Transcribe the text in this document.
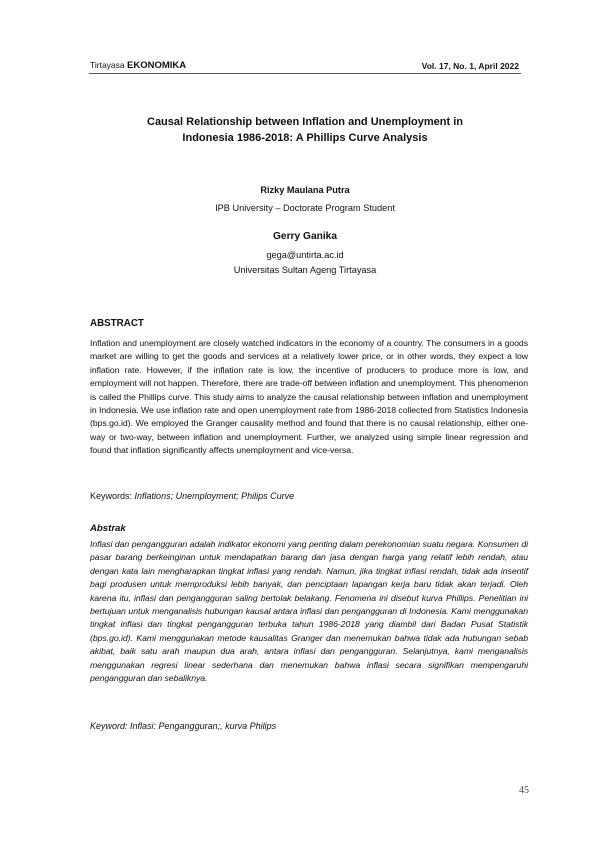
Tirtayasa EKONOMIKA	Vol. 17, No. 1, April 2022
Causal Relationship between Inflation and Unemployment in
Indonesia 1986-2018: A Phillips Curve Analysis
Rizky Maulana Putra
IPB University – Doctorate Program Student
Gerry Ganika
gega@untirta.ac.id
Universitas Sultan Ageng Tirtayasa
ABSTRACT
Inflation and unemployment are closely watched indicators in the economy of a country. The consumers in a goods market are willing to get the goods and services at a relatively lower price, or in other words, they expect a low inflation rate. However, if the inflation rate is low, the incentive of producers to produce more is low, and employment will not happen. Therefore, there are trade-off between inflation and unemployment. This phenomenon is called the Phillips curve. This study aims to analyze the causal relationship between inflation and unemployment in Indonesia. We use inflation rate and open unemployment rate from 1986-2018 collected from Statistics Indonesia (bps.go.id). We employed the Granger causality method and found that there is no causal relationship, either one-way or two-way, between inflation and unemployment. Further, we analyzed using simple linear regression and found that inflation significantly affects unemployment and vice-versa.
Keywords: Inflations; Unemployment; Philips Curve
Abstrak
Inflasi dan pengangguran adalah indikator ekonomi yang penting dalam perekonomian suatu negara. Konsumen di pasar barang berkeinginan untuk mendapatkan barang dan jasa dengan harga yang relatif lebih rendah, atau dengan kata lain mengharapkan tingkat inflasi yang rendah. Namun, jika tingkat inflasi rendah, tidak ada insentif bagi produsen untuk memproduksi lebih banyak, dan penciptaan lapangan kerja baru tidak akan terjadi. Oleh karena itu, inflasi dan pengangguran saling bertolak belakang. Fenomena ini disebut kurva Phillips. Penelitian ini bertujuan untuk menganalisis hubungan kausal antara inflasi dan pengangguran di Indonesia. Kami menggunakan tingkat inflasi dan tingkat pengangguran terbuka tahun 1986-2018 yang diambil dari Badan Pusat Statistik (bps.go.id). Kami menggunakan metode kausalitas Granger dan menemukan bahwa tidak ada hubungan sebab akibat, baik satu arah maupun dua arah, antara inflasi dan pengangguran. Selanjutnya, kami menganalisis menggunakan regresi linear sederhana dan menemukan bahwa inflasi secara signifikan mempengaruhi pengangguran dan sebaliknya.
Keyword: Inflasi: Pengangguran;, kurva Philips
45
